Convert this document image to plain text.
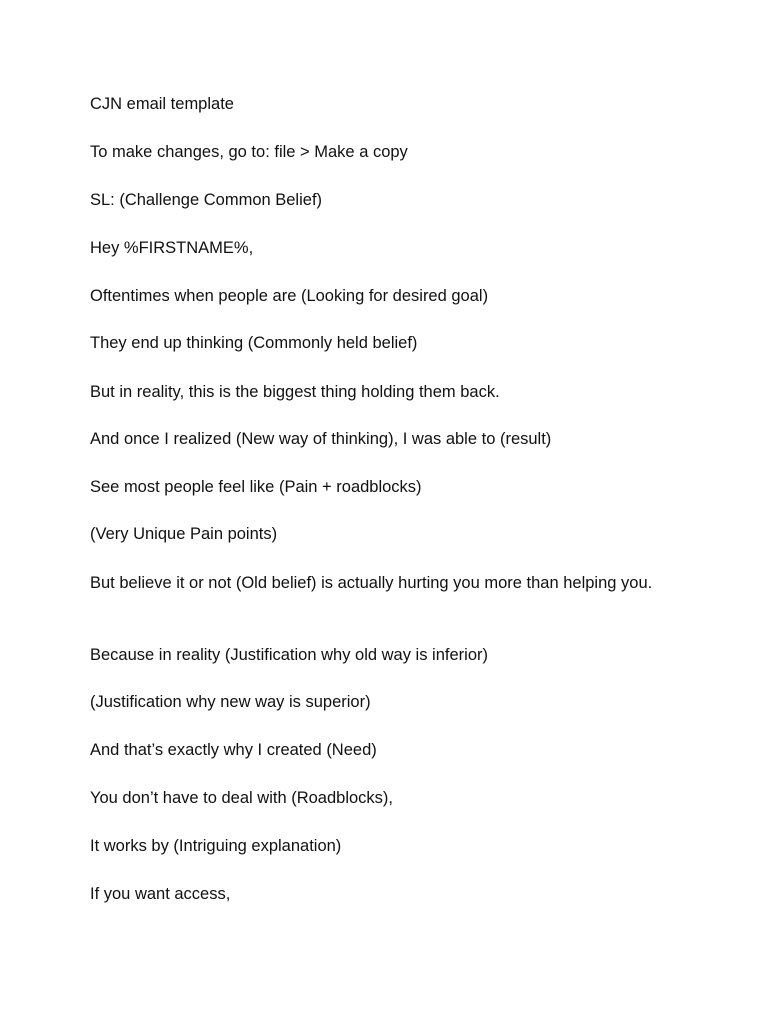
CJN email template

To make changes, go to: file > Make a copy

SL: (Challenge Common Belief)

Hey %FIRSTNAME%,

Oftentimes when people are (Looking for desired goal)

They end up thinking (Commonly held belief)

But in reality, this is the biggest thing holding them back.

And once I realized (New way of thinking), I was able to (result)

See most people feel like (Pain + roadblocks)

(Very Unique Pain points)

But believe it or not (Old belief) is actually hurting you more than helping you.

Because in reality (Justification why old way is inferior)

(Justification why new way is superior)

And that’s exactly why I created (Need)

You don’t have to deal with (Roadblocks),

It works by (Intriguing explanation)

If you want access,
